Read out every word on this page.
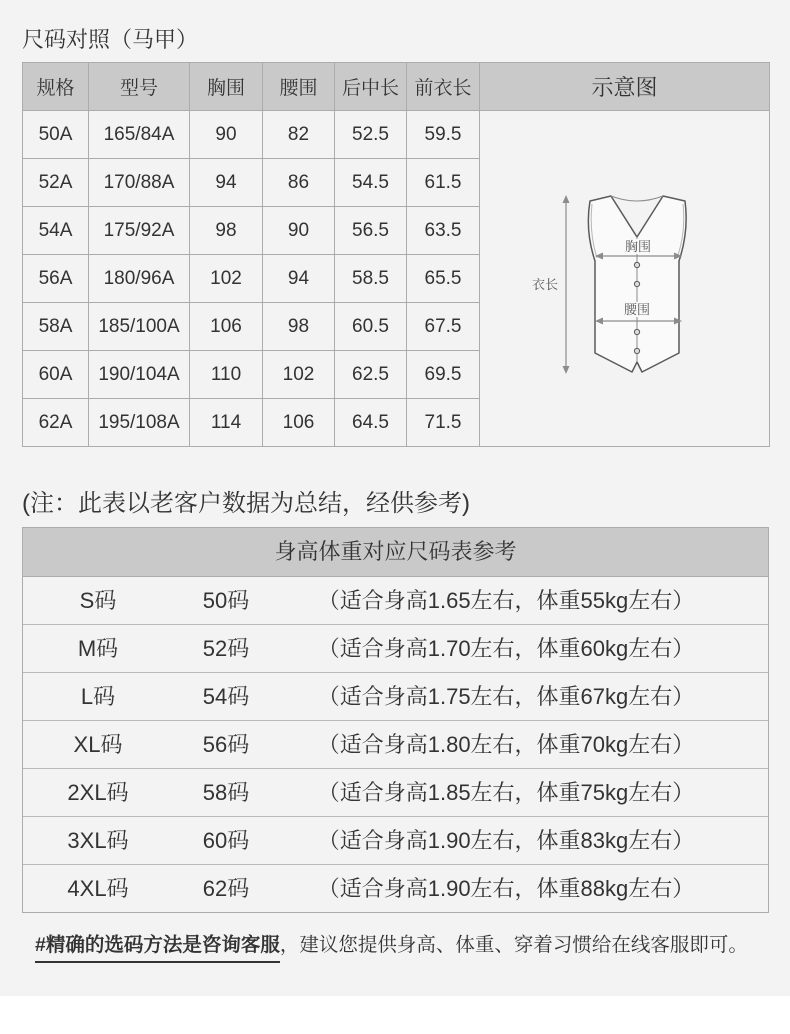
尺码对照（马甲）
规格	型号	胸围	腰围	后中长	前衣长	示意图
50A	165/84A	90	82	52.5	59.5	
52A	170/88A	94	86	54.5	61.5	
54A	175/92A	98	90	56.5	63.5	
56A	180/96A	102	94	58.5	65.5	
58A	185/100A	106	98	60.5	67.5	
60A	190/104A	110	102	62.5	69.5	
62A	195/108A	114	106	64.5	71.5	
衣长
胸围
腰围
(注：此表以老客户数据为总结，经供参考)
身高体重对应尺码表参考
S码	50码	（适合身高1.65左右，体重55kg左右）
M码	52码	（适合身高1.70左右，体重60kg左右）
L码	54码	（适合身高1.75左右，体重67kg左右）
XL码	56码	（适合身高1.80左右，体重70kg左右）
2XL码	58码	（适合身高1.85左右，体重75kg左右）
3XL码	60码	（适合身高1.90左右，体重83kg左右）
4XL码	62码	（适合身高1.90左右，体重88kg左右）
#精确的选码方法是咨询客服，建议您提供身高、体重、穿着习惯给在线客服即可。
